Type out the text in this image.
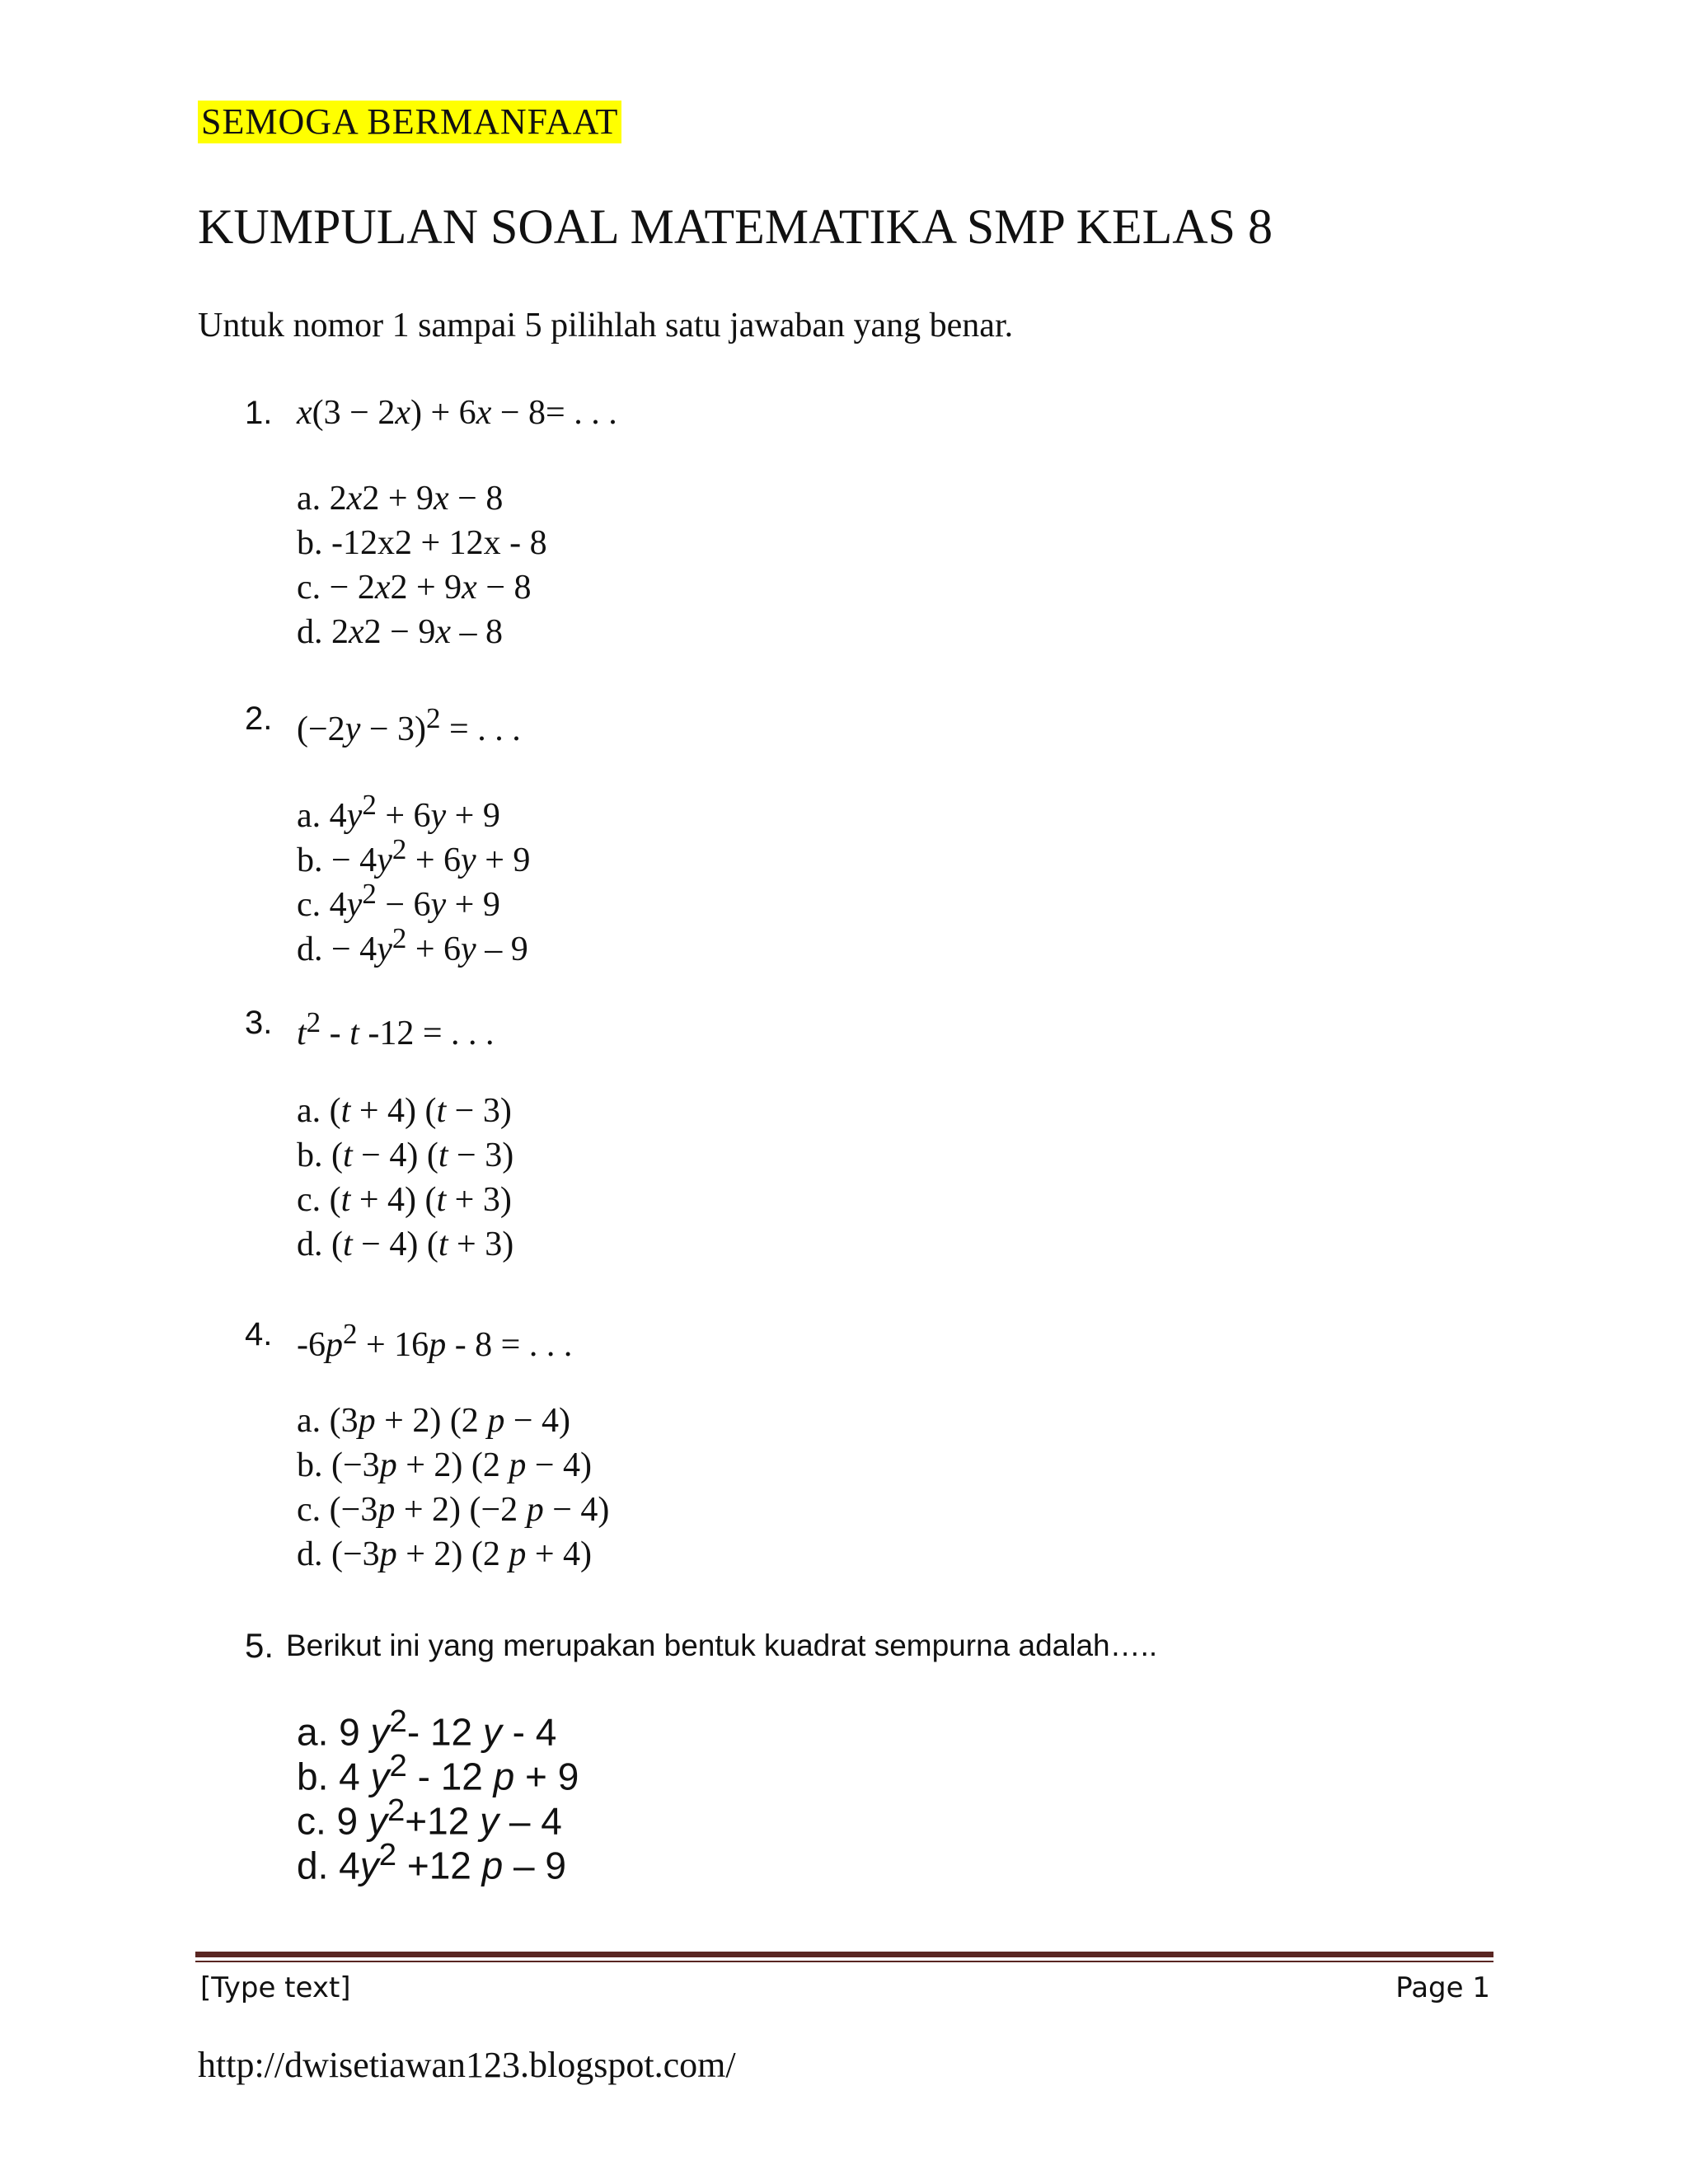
SEMOGA BERMANFAAT
KUMPULAN SOAL MATEMATIKA SMP KELAS 8
Untuk nomor 1 sampai 5 pilihlah satu jawaban yang benar.
1. x(3 − 2x) + 6x − 8= . . .
a. 2x2 + 9x − 8
b. -12x2 + 12x - 8
c. − 2x2 + 9x − 8
d. 2x2 − 9x – 8
2. $(-2y - 3)^2$ = . . .
a. $4y^2 + 6y + 9$
b. − $4y^2 + 6y + 9$
c. $4y^2 - 6y + 9$
d. − $4y^2 + 6y - 9$
3. $t^2$ - t -12 = . . .
a. (t + 4) (t − 3)
b. (t − 4) (t − 3)
c. (t + 4) (t + 3)
d. (t − 4) (t + 3)
4. $-6p^2 + 16p - 8$ = . . .
a. (3p + 2) (2 p − 4)
b. (−3p + 2) (2 p − 4)
c. (−3p + 2) (−2 p − 4)
d. (−3p + 2) (2 p + 4)
5. Berikut ini yang merupakan bentuk kuadrat sempurna adalah…..
a. 9 $y^2-$ 12 y - 4
b. 4 $y^2 - 12$ p + 9
c. 9 $y^2+12$ y – 4
d. $4y^2 +12$ p – 9
[Type text]	Page 1
http://dwisetiawan123.blogspot.com/
